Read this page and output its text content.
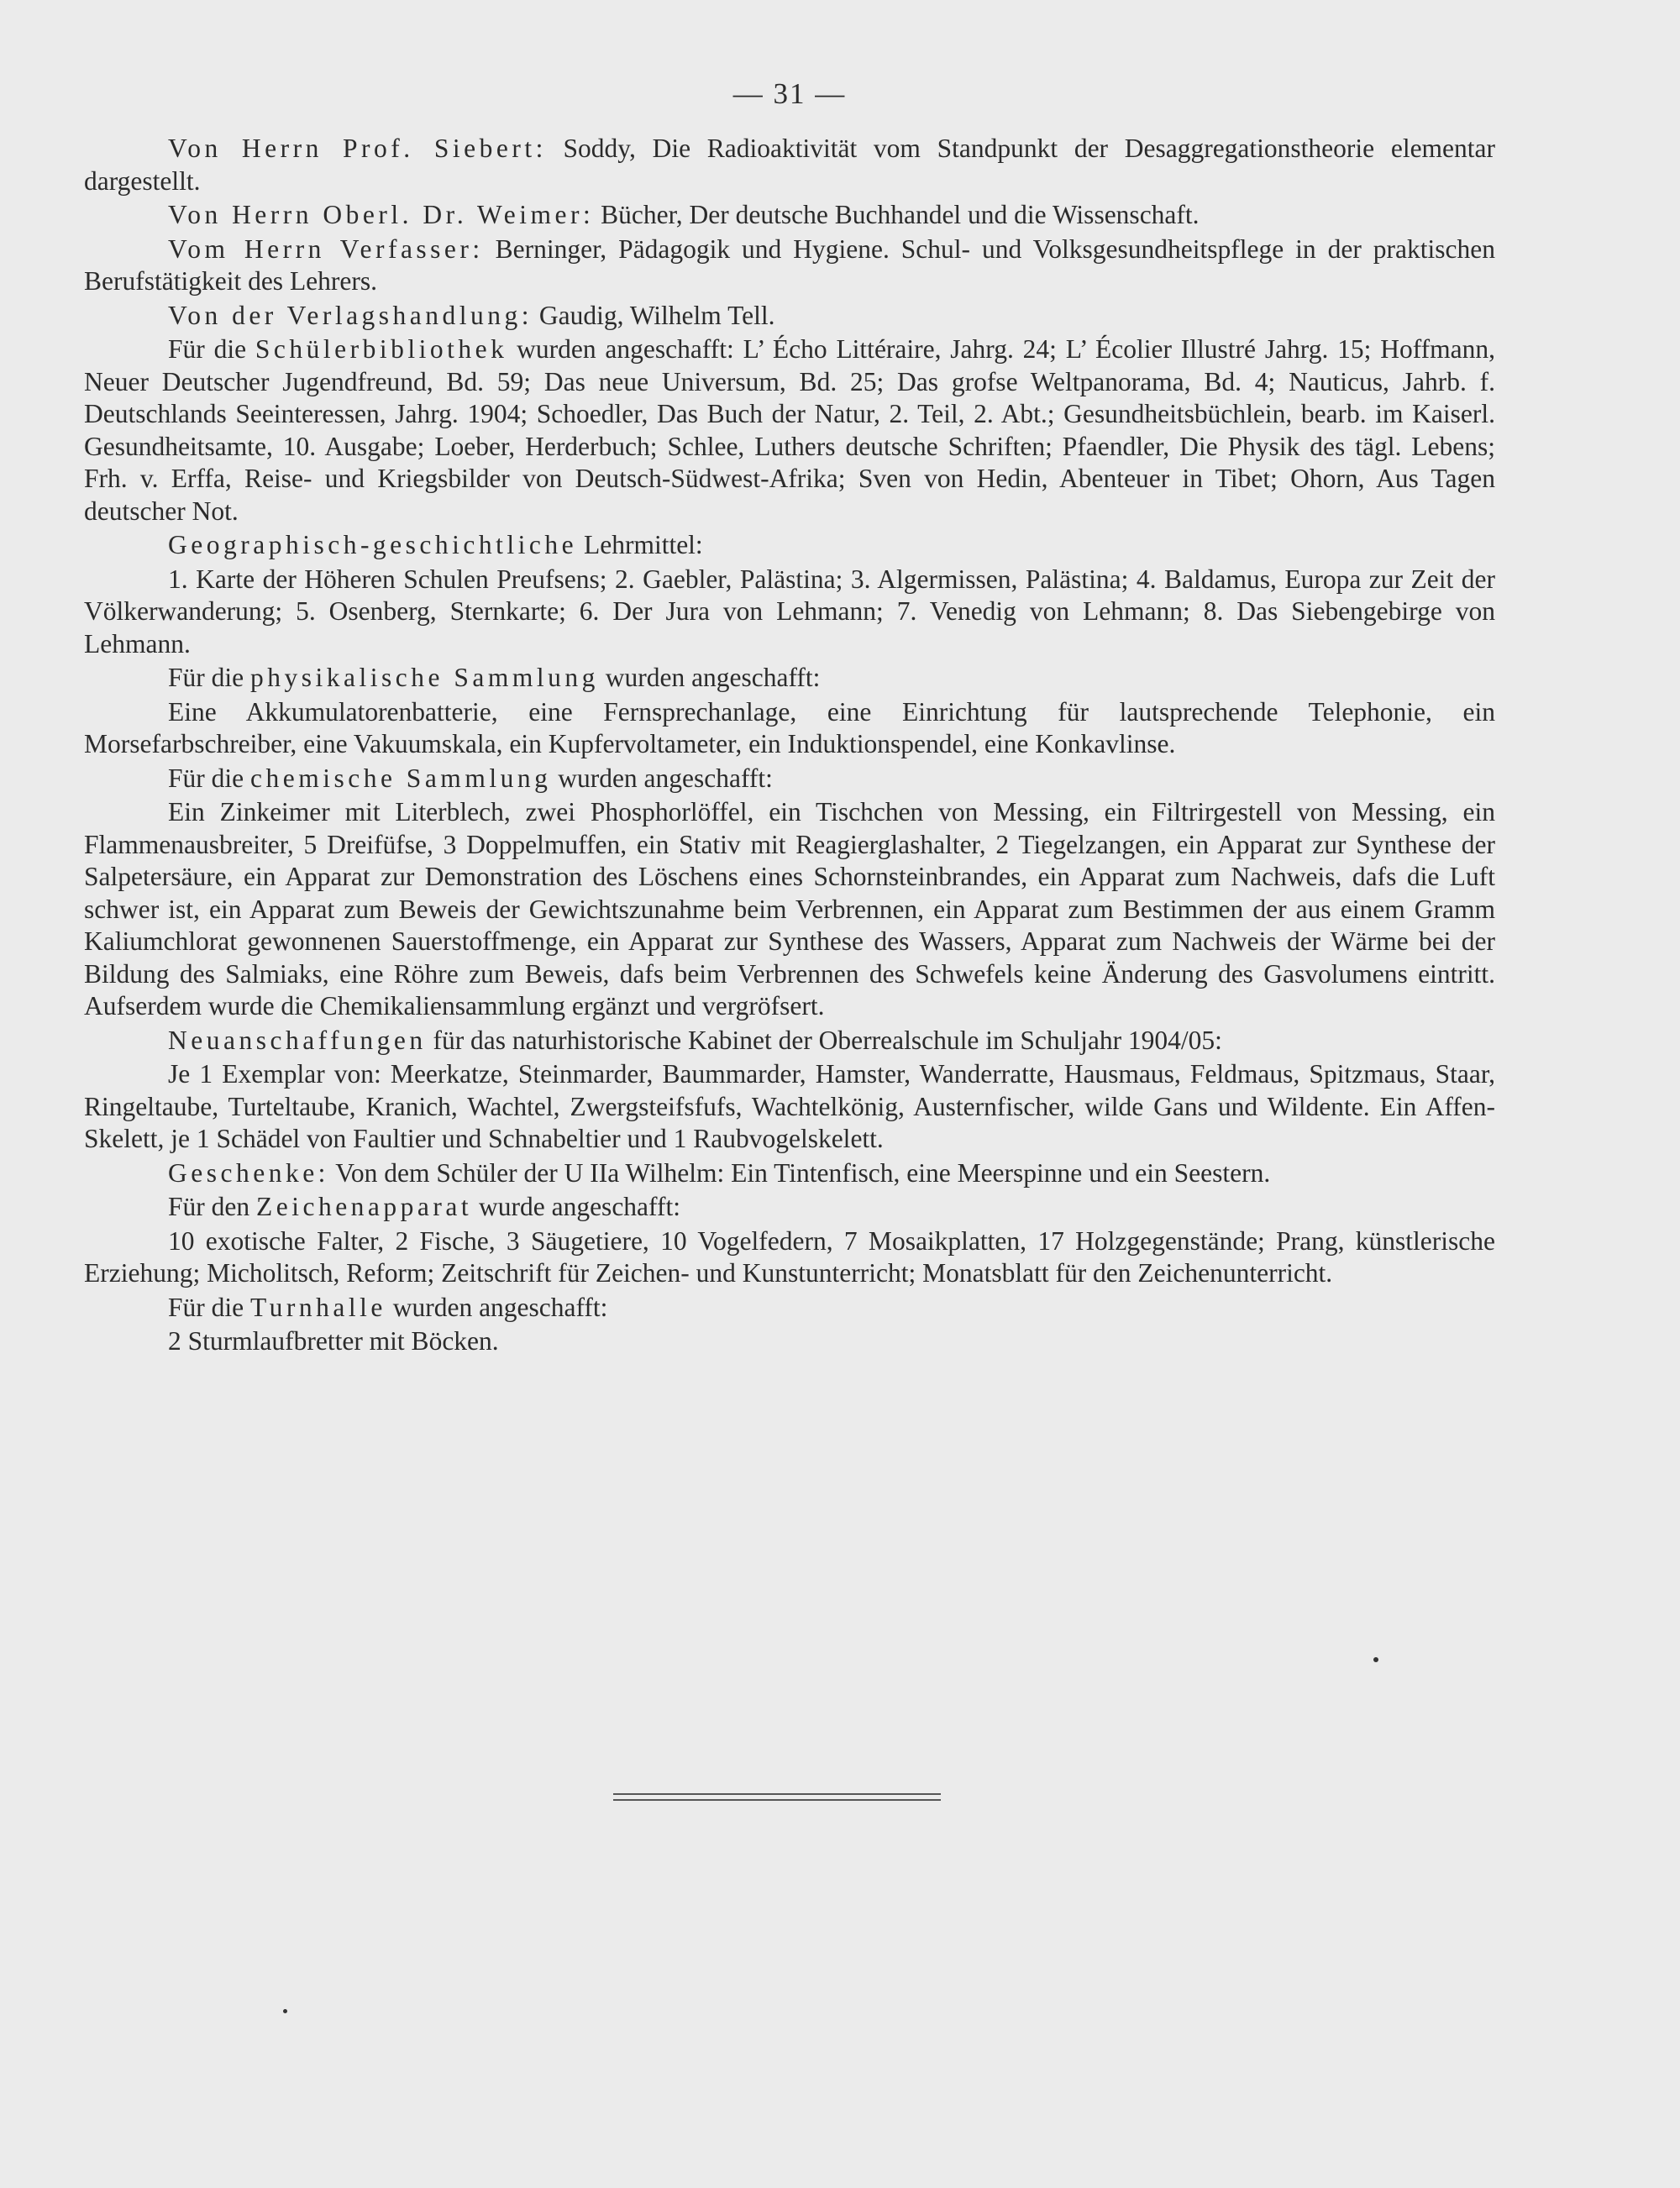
— 31 —

Von Herrn Prof. Siebert: Soddy, Die Radioaktivität vom Standpunkt der Desaggregationstheorie elementar dargestellt.

Von Herrn Oberl. Dr. Weimer: Bücher, Der deutsche Buchhandel und die Wissenschaft.

Vom Herrn Verfasser: Berninger, Pädagogik und Hygiene. Schul- und Volksgesundheitspflege in der praktischen Berufstätigkeit des Lehrers.

Von der Verlagshandlung: Gaudig, Wilhelm Tell.

Für die Schülerbibliothek wurden angeschafft: L’ Écho Littéraire, Jahrg. 24; L’ Écolier Illustré Jahrg. 15; Hoffmann, Neuer Deutscher Jugendfreund, Bd. 59; Das neue Universum, Bd. 25; Das grofse Weltpanorama, Bd. 4; Nauticus, Jahrb. f. Deutschlands Seeinteressen, Jahrg. 1904; Schoedler, Das Buch der Natur, 2. Teil, 2. Abt.; Gesundheitsbüchlein, bearb. im Kaiserl. Gesundheitsamte, 10. Ausgabe; Loeber, Herderbuch; Schlee, Luthers deutsche Schriften; Pfaendler, Die Physik des tägl. Lebens; Frh. v. Erffa, Reise- und Kriegsbilder von Deutsch-Südwest-Afrika; Sven von Hedin, Abenteuer in Tibet; Ohorn, Aus Tagen deutscher Not.

Geographisch-geschichtliche Lehrmittel:

1. Karte der Höheren Schulen Preufsens; 2. Gaebler, Palästina; 3. Algermissen, Palästina; 4. Baldamus, Europa zur Zeit der Völkerwanderung; 5. Osenberg, Sternkarte; 6. Der Jura von Lehmann; 7. Venedig von Lehmann; 8. Das Siebengebirge von Lehmann.

Für die physikalische Sammlung wurden angeschafft:

Eine Akkumulatorenbatterie, eine Fernsprechanlage, eine Einrichtung für lautsprechende Telephonie, ein Morsefarbschreiber, eine Vakuumskala, ein Kupfervoltameter, ein Induktionspendel, eine Konkavlinse.

Für die chemische Sammlung wurden angeschafft:

Ein Zinkeimer mit Literblech, zwei Phosphorlöffel, ein Tischchen von Messing, ein Filtrirgestell von Messing, ein Flammenausbreiter, 5 Dreifüfse, 3 Doppelmuffen, ein Stativ mit Reagierglashalter, 2 Tiegelzangen, ein Apparat zur Synthese der Salpetersäure, ein Apparat zur Demonstration des Löschens eines Schornsteinbrandes, ein Apparat zum Nachweis, dafs die Luft schwer ist, ein Apparat zum Beweis der Gewichtszunahme beim Verbrennen, ein Apparat zum Bestimmen der aus einem Gramm Kaliumchlorat gewonnenen Sauerstoffmenge, ein Apparat zur Synthese des Wassers, Apparat zum Nachweis der Wärme bei der Bildung des Salmiaks, eine Röhre zum Beweis, dafs beim Verbrennen des Schwefels keine Änderung des Gasvolumens eintritt. Aufserdem wurde die Chemikaliensammlung ergänzt und vergröfsert.

Neuanschaffungen für das naturhistorische Kabinet der Oberrealschule im Schuljahr 1904/05:

Je 1 Exemplar von: Meerkatze, Steinmarder, Baummarder, Hamster, Wanderratte, Hausmaus, Feldmaus, Spitzmaus, Staar, Ringeltaube, Turteltaube, Kranich, Wachtel, Zwergsteifsfufs, Wachtelkönig, Austernfischer, wilde Gans und Wildente. Ein Affen-Skelett, je 1 Schädel von Faultier und Schnabeltier und 1 Raubvogelskelett.

Geschenke: Von dem Schüler der U IIa Wilhelm: Ein Tintenfisch, eine Meerspinne und ein Seestern.

Für den Zeichenapparat wurde angeschafft:

10 exotische Falter, 2 Fische, 3 Säugetiere, 10 Vogelfedern, 7 Mosaikplatten, 17 Holzgegenstände; Prang, künstlerische Erziehung; Micholitsch, Reform; Zeitschrift für Zeichen- und Kunstunterricht; Monatsblatt für den Zeichenunterricht.

Für die Turnhalle wurden angeschafft:

2 Sturmlaufbretter mit Böcken.
